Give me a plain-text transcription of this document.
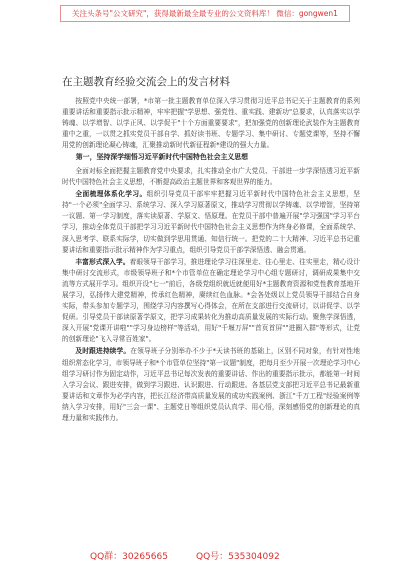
关注头条号"公文研究"，获得最新最全最专业的公文资料库！ 微信：gongwen1
在主题教育经验交流会上的发言材料

按照党中央统一部署，*市第一批主题教育单位深入学习贯彻习近平总书记关于主题教育的系列重要讲话和重要指示批示精神，牢牢把握"学思想、强党性、重实践、建新功"总要求，认真落实以学铸魂、以学增智、以学正风、以学促干"十个方面重要要求"，把加强党的创新理论武装作为主题教育重中之重，一以贯之抓实党员干部自学、抓好读书班、专题学习、集中研讨、专题党课等，坚持不懈用党的创新理论凝心铸魂，汇聚推动新时代新征程新*建设的强大力量。

第一，坚持深学细悟习近平新时代中国特色社会主义思想

全面对标全面把握主题教育党中央要求，扎实推动全市广大党员、干部进一步学深悟透习近平新时代中国特色社会主义思想，不断提高政治主题世界和客观世界的能力。

全面梳理体系化学习。组织引导党员干部牢牢把握习近平新时代中国特色社会主义思想，坚持"一个必须"全面学习、系统学习、深入学习原著原文，推动学习贯彻以学铸魂、以学增智，坚持第一议题、第一学习制度，落实读原著、学原文、悟原理。在党员干部中普遍开展"学习强国"学习平台学习，推动全体党员干部把学习习近平新时代中国特色社会主义思想作为终身必修课，全面系统学、深入思考学、联系实际学，切实做到学思用贯通、知信行统一。把党的二十大精神、习近平总书记重要讲话和重要指示批示精神作为学习重点，组织引导党员干部学深悟透、融会贯通。

丰富形式深入学。着眼领导干部学习，推进理论学习往深里走、往心里走、往实里走，精心设计集中研讨交流形式，市级领导班子和*个市管单位在确定理论学习中心组专题研讨，调研成果集中交流等方式展开学习。组织开设"七一"前后，各级党组织就近就便用好*主题教育资源和党性教育基地开展学习，弘扬伟大建党精神，传承红色精神，赓续红色血脉。*会各处级以上党员领导干部结合自身实际，带头参加专题学习，围绕学习内容撰写心得体会，在所在支部进行交流研讨，以讲促学、以学促研。引导党员干部读原著学原文，把学习成果转化为推动高质量发展的实际行动。聚焦学深悟透，深入开展"党课开讲啦""学习身边榜样"等活动，用好"千堰万屏""首页首屏""进圈入群"等形式，让党的创新理论"飞入寻常百姓家"。

及时跟进持续学。在领导班子分别举办不少于*天读书班的基础上，区别不同对象，有针对性地组织常态化学习，市领导班子和*个市管单位坚持"第一议题"制度，把每月至少开展一次理论学习中心组学习研讨作为固定动作，习近平总书记每次发表的重要讲话、作出的重要指示批示，都能第一时间入学习会议、跟进安排，做到学习跟进、认识跟进、行动跟进。各基层党支部把习近平总书记最新重要讲话和文章作为必学内容，把长江经济带高质量发展的成功实践案例、浙江"千万工程"经验案例等纳入学习安排，用好"三会一课"、主题党日等组织党员认真学、用心悟，深刻感悟党的创新理论的真理力量和实践伟力。

QQ群：30265665	QQ号：535304092
